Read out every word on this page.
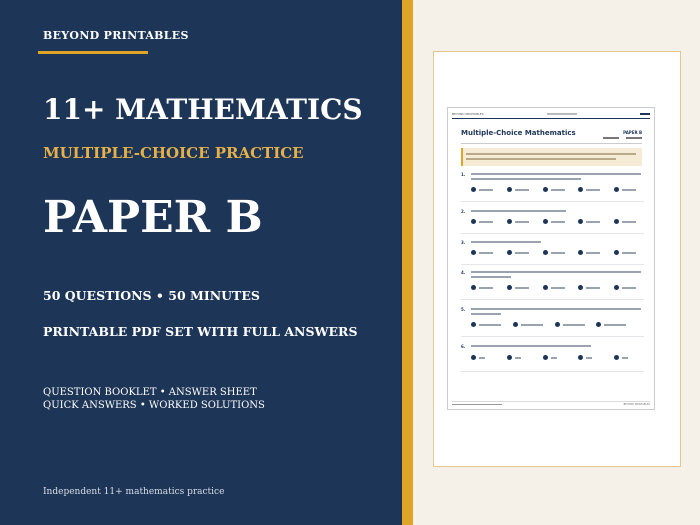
BEYOND PRINTABLES
11+ MATHEMATICS
MULTIPLE-CHOICE PRACTICE
PAPER B
50 QUESTIONS • 50 MINUTES
PRINTABLE PDF SET WITH FULL ANSWERS
QUESTION BOOKLET • ANSWER SHEET
QUICK ANSWERS • WORKED SOLUTIONS
Independent 11+ mathematics practice
BEYOND PRINTABLES
Multiple-Choice Mathematics	PAPER B
1.
2.
3.
4.
5.
6.
BEYOND PRINTABLES
